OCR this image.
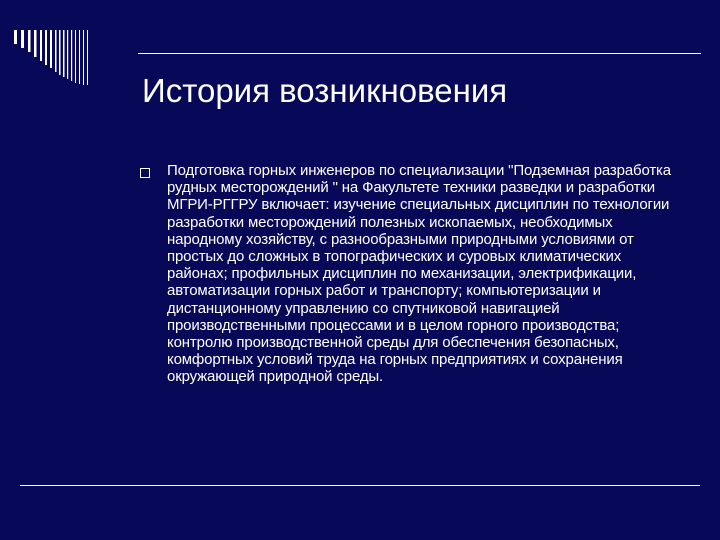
История возникновения

Подготовка горных инженеров по специализации "Подземная разработка рудных месторождений " на Факультете техники разведки и разработки МГРИ-РГГРУ включает: изучение специальных дисциплин по технологии разработки месторождений полезных ископаемых, необходимых народному хозяйству, с разнообразными природными условиями от простых до сложных в топографических и суровых климатических районах; профильных дисциплин по механизации, электрификации, автоматизации горных работ и транспорту; компьютеризации и дистанционному управлению со спутниковой навигацией производственными процессами и в целом горного производства; контролю производственной среды для обеспечения безопасных, комфортных условий труда на горных предприятиях и сохранения окружающей природной среды.
